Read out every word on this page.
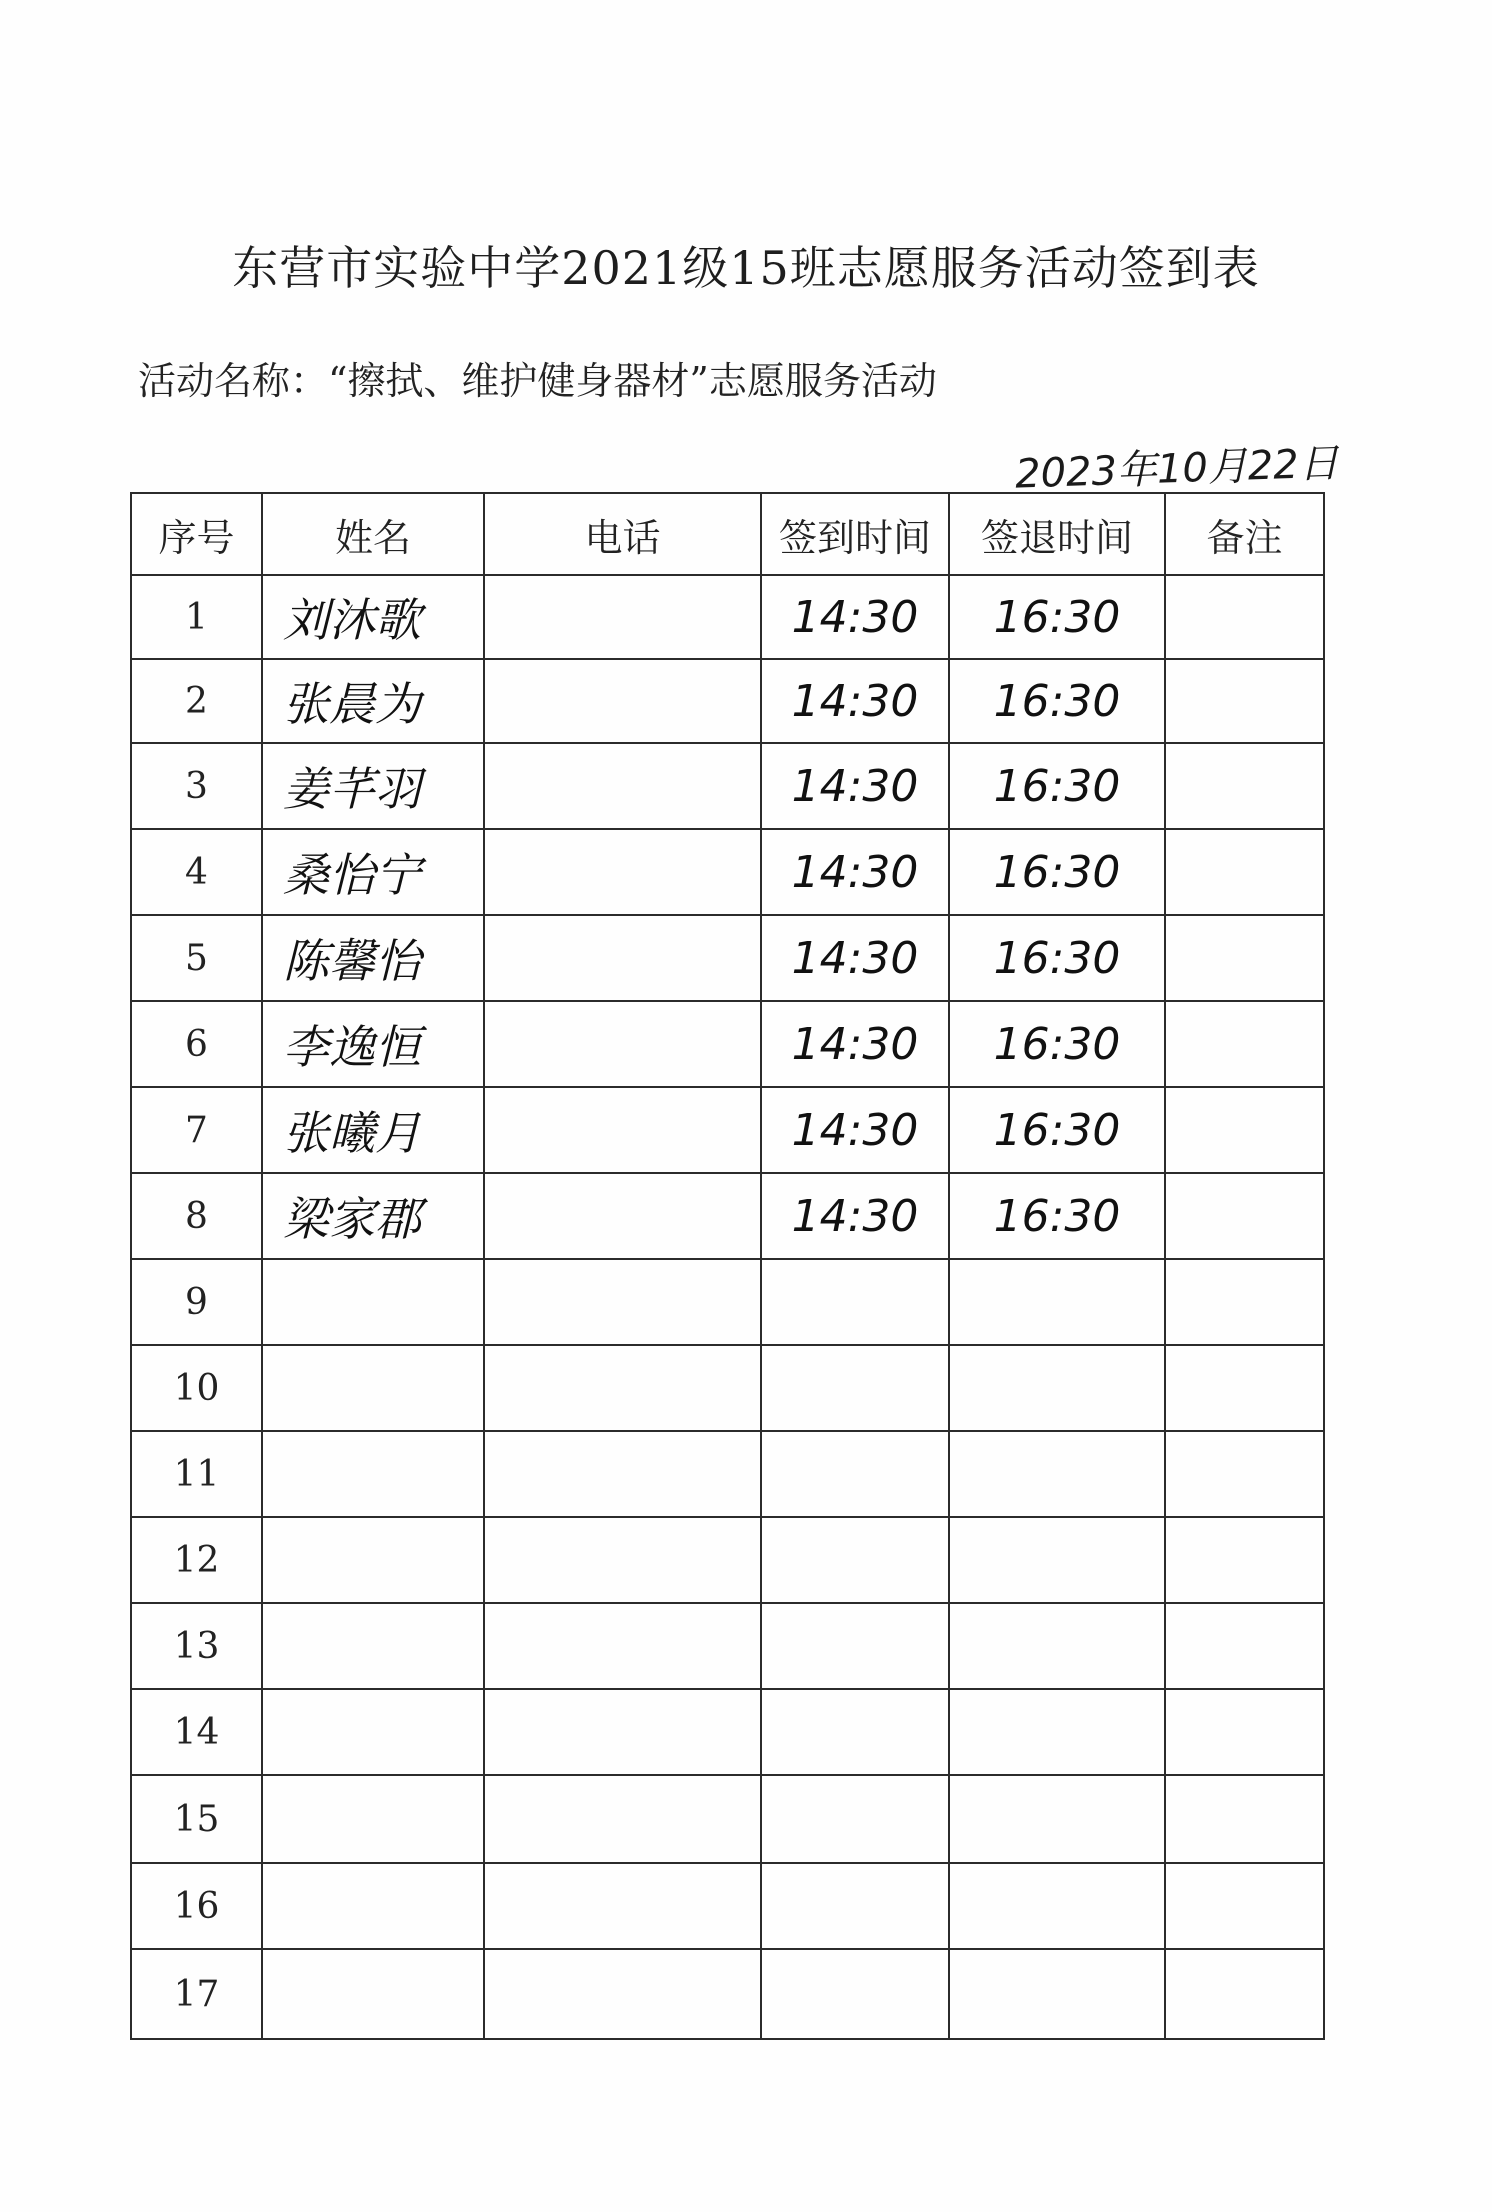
东营市实验中学2021级15班志愿服务活动签到表
活动名称：“擦拭、维护健身器材”志愿服务活动
2023年10月22日
序号	姓名	电话	签到时间	签退时间	备注
1	刘沐歌		14:30	16:30	
2	张晨为		14:30	16:30	
3	姜芊羽		14:30	16:30	
4	桑怡宁		14:30	16:30	
5	陈馨怡		14:30	16:30	
6	李逸恒		14:30	16:30	
7	张曦月		14:30	16:30	
8	梁家郡		14:30	16:30	
9					
10					
11					
12					
13					
14					
15					
16					
17					
